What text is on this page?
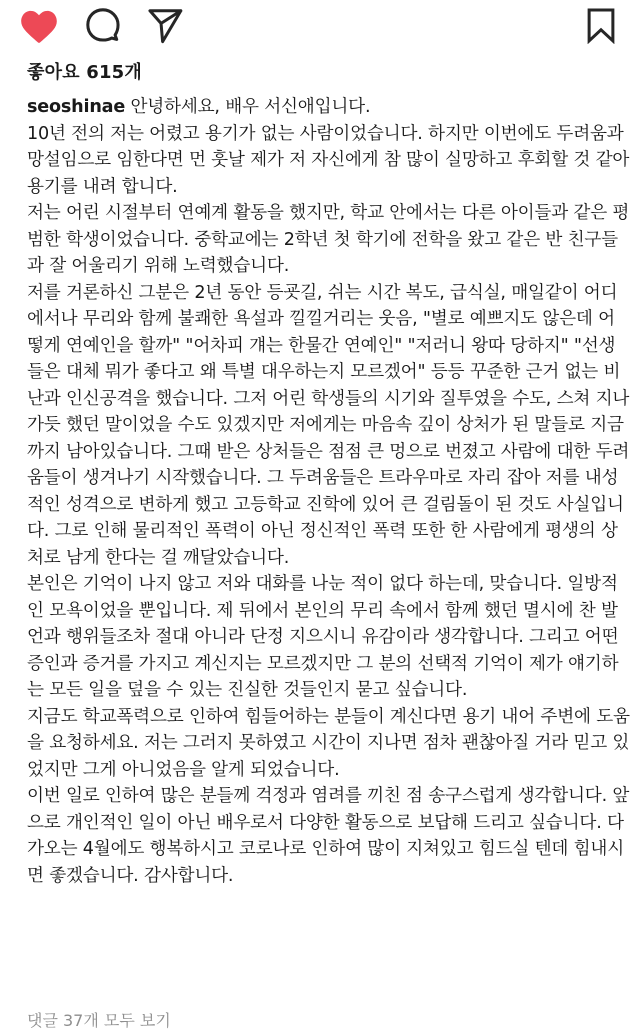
좋아요 615개
seoshinae 안녕하세요, 배우 서신애입니다.
10년 전의 저는 어렸고 용기가 없는 사람이었습니다. 하지만 이번에도 두려움과 망설임으로 임한다면 먼 훗날 제가 저 자신에게 참 많이 실망하고 후회할 것 같아 용기를 내려 합니다.
저는 어린 시절부터 연예계 활동을 했지만, 학교 안에서는 다른 아이들과 같은 평범한 학생이었습니다. 중학교에는 2학년 첫 학기에 전학을 왔고 같은 반 친구들과 잘 어울리기 위해 노력했습니다.
저를 거론하신 그분은 2년 동안 등굣길, 쉬는 시간 복도, 급식실, 매일같이 어디에서나 무리와 함께 불쾌한 욕설과 낄낄거리는 웃음, "별로 예쁘지도 않은데 어떻게 연예인을 할까" "어차피 걔는 한물간 연예인" "저러니 왕따 당하지" "선생들은 대체 뭐가 좋다고 왜 특별 대우하는지 모르겠어" 등등 꾸준한 근거 없는 비난과 인신공격을 했습니다. 그저 어린 학생들의 시기와 질투였을 수도, 스쳐 지나가듯 했던 말이었을 수도 있겠지만 저에게는 마음속 깊이 상처가 된 말들로 지금까지 남아있습니다. 그때 받은 상처들은 점점 큰 멍으로 번졌고 사람에 대한 두려움들이 생겨나기 시작했습니다. 그 두려움들은 트라우마로 자리 잡아 저를 내성적인 성격으로 변하게 했고 고등학교 진학에 있어 큰 걸림돌이 된 것도 사실입니다. 그로 인해 물리적인 폭력이 아닌 정신적인 폭력 또한 한 사람에게 평생의 상처로 남게 한다는 걸 깨달았습니다.
본인은 기억이 나지 않고 저와 대화를 나눈 적이 없다 하는데, 맞습니다. 일방적인 모욕이었을 뿐입니다. 제 뒤에서 본인의 무리 속에서 함께 했던 멸시에 찬 발언과 행위들조차 절대 아니라 단정 지으시니 유감이라 생각합니다. 그리고 어떤 증인과 증거를 가지고 계신지는 모르겠지만 그 분의 선택적 기억이 제가 얘기하는 모든 일을 덮을 수 있는 진실한 것들인지 묻고 싶습니다.
지금도 학교폭력으로 인하여 힘들어하는 분들이 계신다면 용기 내어 주변에 도움을 요청하세요. 저는 그러지 못하였고 시간이 지나면 점차 괜찮아질 거라 믿고 있었지만 그게 아니었음을 알게 되었습니다.
이번 일로 인하여 많은 분들께 걱정과 염려를 끼친 점 송구스럽게 생각합니다. 앞으로 개인적인 일이 아닌 배우로서 다양한 활동으로 보답해 드리고 싶습니다. 다가오는 4월에도 행복하시고 코로나로 인하여 많이 지쳐있고 힘드실 텐데 힘내시면 좋겠습니다. 감사합니다.
댓글 37개 모두 보기
